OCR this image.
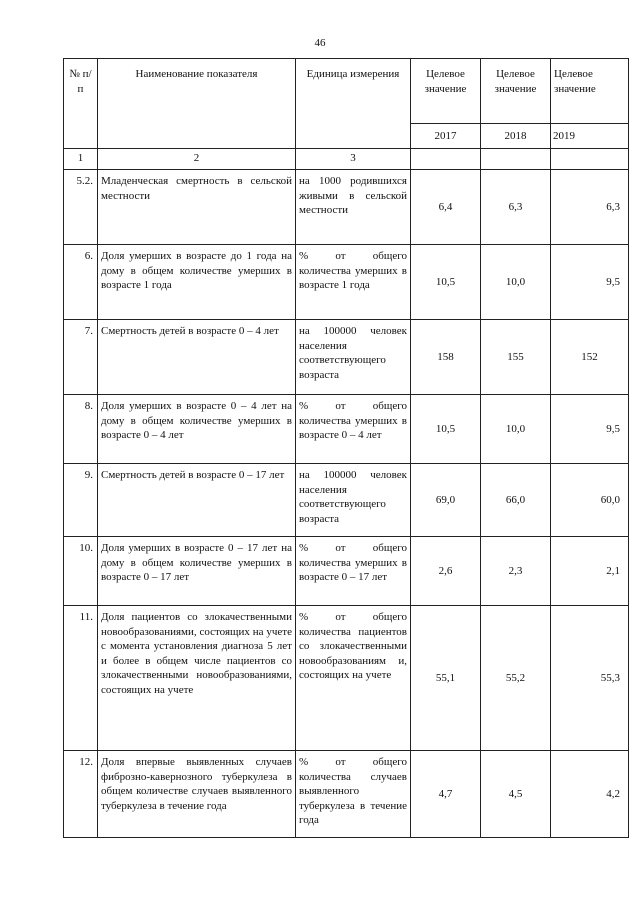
46
№ п/п	Наименование показателя	Единица измерения	Целевое значение	Целевое значение	Целевое значение
			2017	2018	2019
1	2	3			
5.2.	Младенческая смертность в сельской местности	на 1000 родившихся живыми в сельской местности	6,4	6,3	6,3
6.	Доля умерших в возрасте до 1 года на дому в общем количестве умерших в возрасте 1 года	% от общего количества умерших в возрасте 1 года	10,5	10,0	9,5
7.	Смертность детей в возрасте 0 – 4 лет	на 100000 человек населения соответствующего возраста	158	155	152
8.	Доля умерших в возрасте 0 – 4 лет на дому в общем количестве умерших в возрасте 0 – 4 лет	% от общего количества умерших в возрасте 0 – 4 лет	10,5	10,0	9,5
9.	Смертность детей в возрасте 0 – 17 лет	на 100000 человек населения соответствующего возраста	69,0	66,0	60,0
10.	Доля умерших в возрасте 0 – 17 лет на дому в общем количестве умерших в возрасте 0 – 17 лет	% от общего количества умерших в возрасте 0 – 17 лет	2,6	2,3	2,1
11.	Доля пациентов со злокачественными новообразованиями, состоящих на учете с момента установления диагноза 5 лет и более в общем числе пациентов со злокачественными новообразованиями, состоящих на учете	% от общего количества пациентов со злокачественными новообразованиям и, состоящих на учете	55,1	55,2	55,3
12.	Доля впервые выявленных случаев фиброзно-кавернозного туберкулеза в общем количестве случаев выявленного туберкулеза в течение года	% от общего количества случаев выявленного туберкулеза в течение года	4,7	4,5	4,2
